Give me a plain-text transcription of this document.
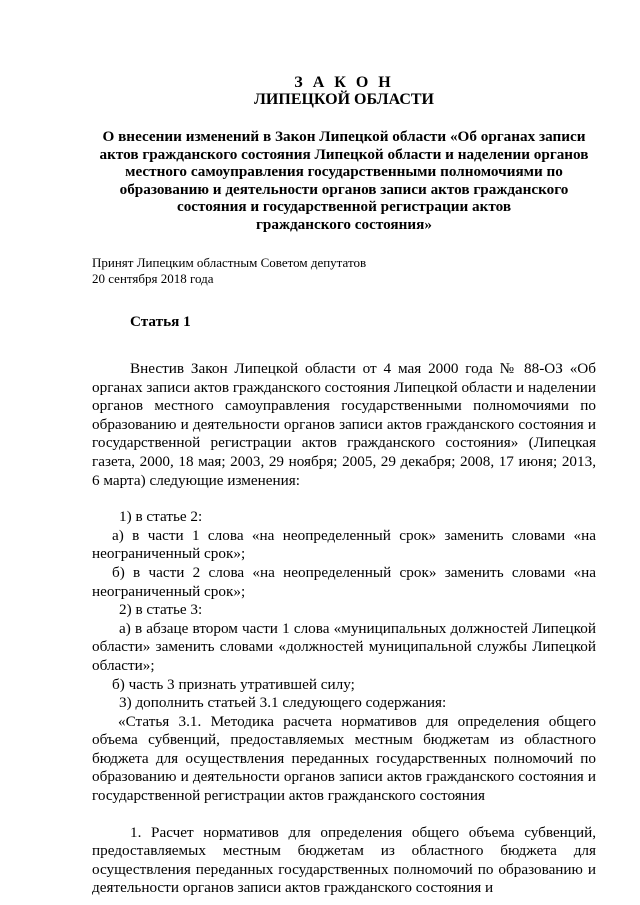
З А К О Н

ЛИПЕЦКОЙ ОБЛАСТИ

О внесении изменений в Закон Липецкой области «Об органах записи
актов гражданского состояния Липецкой области и наделении органов
местного самоуправления государственными полномочиями по
образованию и деятельности органов записи актов гражданского
состояния и государственной регистрации актов
гражданского состояния»
Принят Липецким областным Советом депутатов
20 сентября 2018 года

Статья 1

Внестив Закон Липецкой области от 4 мая 2000 года № 88-ОЗ «Об органах записи актов гражданского состояния Липецкой области и наделении органов местного самоуправления государственными полномочиями по образованию и деятельности органов записи актов гражданского состояния и государственной регистрации актов гражданского состояния» (Липецкая газета, 2000, 18 мая; 2003, 29 ноября; 2005, 29 декабря; 2008, 17 июня; 2013, 6 марта) следующие изменения:

1) в статье 2:

а) в части 1 слова «на неопределенный срок» заменить словами «на неограниченный срок»;

б) в части 2 слова «на неопределенный срок» заменить словами «на неограниченный срок»;

2) в статье 3:

а) в абзаце втором части 1 слова «муниципальных должностей Липецкой области» заменить словами «должностей муниципальной службы Липецкой области»;

б) часть 3 признать утратившей силу;

3) дополнить статьей 3.1 следующего содержания:

«Статья 3.1. Методика расчета нормативов для определения общего объема субвенций, предоставляемых местным бюджетам из областного бюджета для осуществления переданных государственных полномочий по образованию и деятельности органов записи актов гражданского состояния и государственной регистрации актов гражданского состояния

1. Расчет нормативов для определения общего объема субвенций, предоставляемых местным бюджетам из областного бюджета для осуществления переданных государственных полномочий по образованию и деятельности органов записи актов гражданского состояния и
